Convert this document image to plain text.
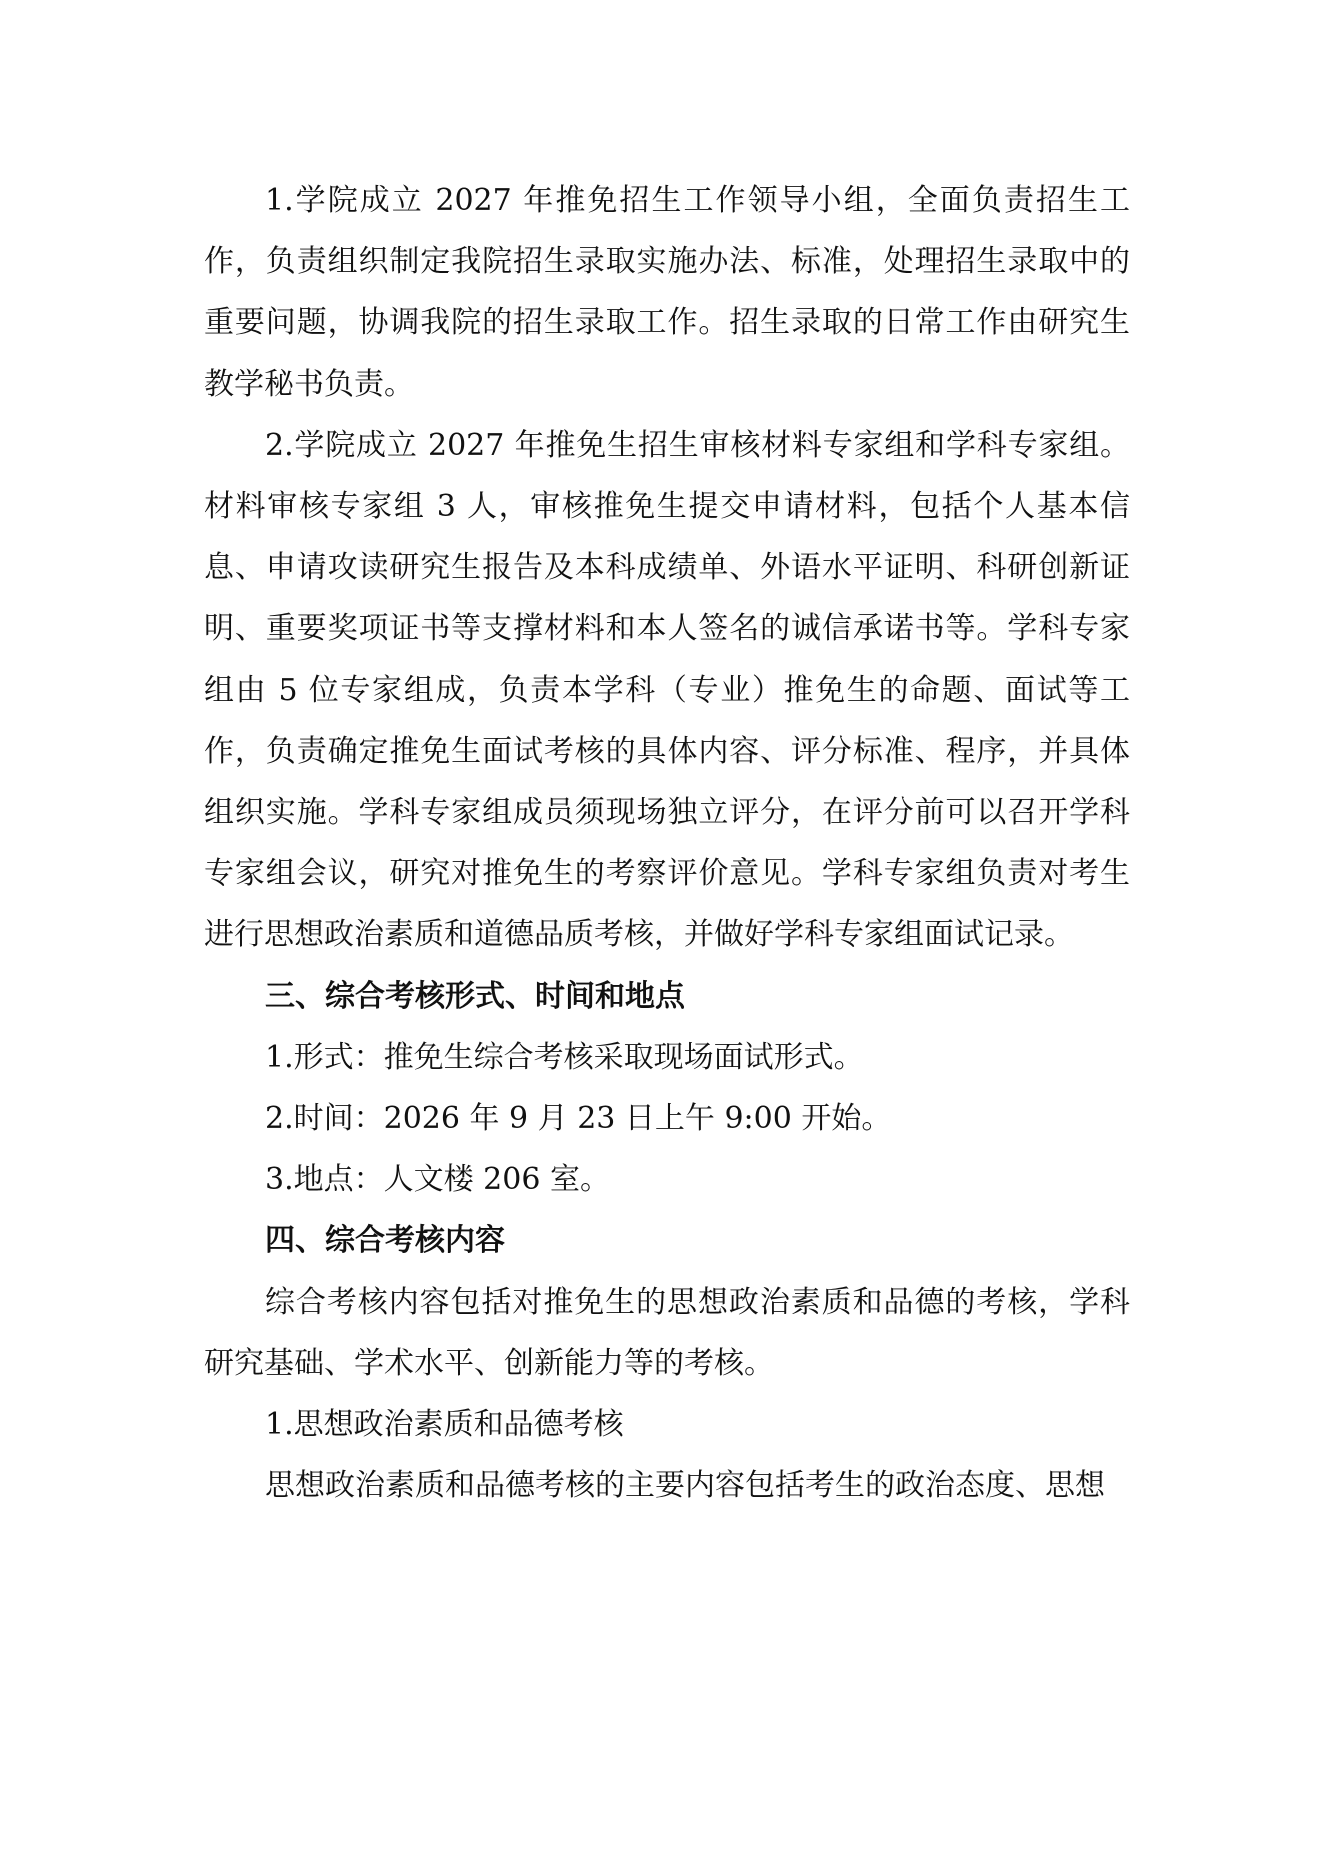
1.学院成立 2027 年推免招生工作领导小组，全面负责招生工作，负责组织制定我院招生录取实施办法、标准，处理招生录取中的重要问题，协调我院的招生录取工作。招生录取的日常工作由研究生教学秘书负责。

2.学院成立 2027 年推免生招生审核材料专家组和学科专家组。材料审核专家组 3 人，审核推免生提交申请材料，包括个人基本信息、申请攻读研究生报告及本科成绩单、外语水平证明、科研创新证明、重要奖项证书等支撑材料和本人签名的诚信承诺书等。学科专家组由 5 位专家组成，负责本学科（专业）推免生的命题、面试等工作，负责确定推免生面试考核的具体内容、评分标准、程序，并具体组织实施。学科专家组成员须现场独立评分，在评分前可以召开学科专家组会议，研究对推免生的考察评价意见。学科专家组负责对考生进行思想政治素质和道德品质考核，并做好学科专家组面试记录。

三、综合考核形式、时间和地点

1.形式：推免生综合考核采取现场面试形式。

2.时间：2026 年 9 月 23 日上午 9:00 开始。

3.地点：人文楼 206 室。

四、综合考核内容

综合考核内容包括对推免生的思想政治素质和品德的考核，学科研究基础、学术水平、创新能力等的考核。

1.思想政治素质和品德考核

思想政治素质和品德考核的主要内容包括考生的政治态度、思想
